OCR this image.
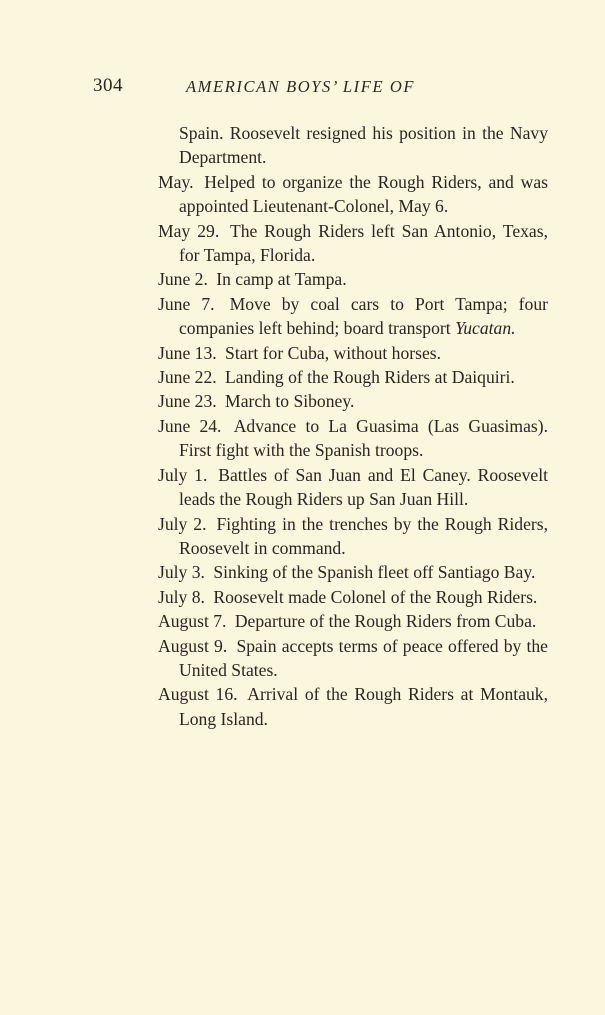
304	AMERICAN BOYS’ LIFE OF
Spain. Roosevelt resigned his position in the Navy Department.
May. Helped to organize the Rough Riders, and was appointed Lieutenant-Colonel, May 6.
May 29. The Rough Riders left San Antonio, Texas, for Tampa, Florida.
June 2. In camp at Tampa.
June 7. Move by coal cars to Port Tampa; four companies left behind; board transport Yucatan.
June 13. Start for Cuba, without horses.
June 22. Landing of the Rough Riders at Daiquiri.
June 23. March to Siboney.
June 24. Advance to La Guasima (Las Guasimas). First fight with the Spanish troops.
July 1. Battles of San Juan and El Caney. Roosevelt leads the Rough Riders up San Juan Hill.
July 2. Fighting in the trenches by the Rough Riders, Roosevelt in command.
July 3. Sinking of the Spanish fleet off Santiago Bay.
July 8. Roosevelt made Colonel of the Rough Riders.
August 7. Departure of the Rough Riders from Cuba.
August 9. Spain accepts terms of peace offered by the United States.
August 16. Arrival of the Rough Riders at Montauk, Long Island.
